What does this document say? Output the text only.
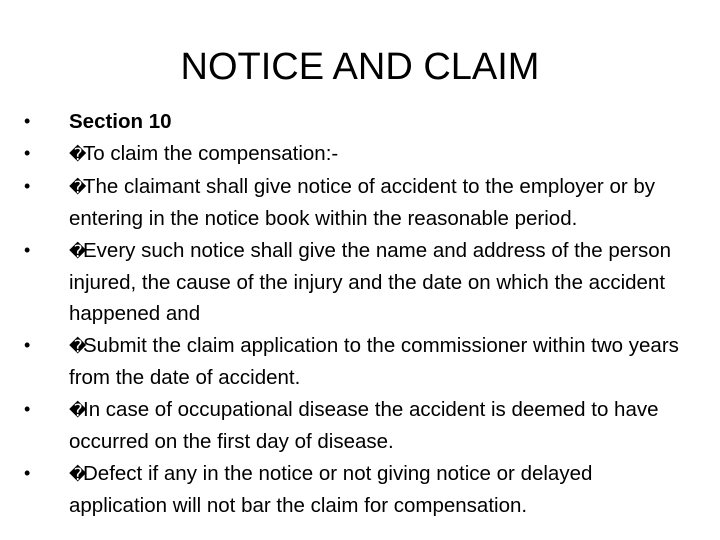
NOTICE AND CLAIM
•	Section 10
•	�To claim the compensation:-
•	�The claimant shall give notice of accident to the employer or by entering in the notice book within the reasonable period.
•	�Every such notice shall give the name and address of the person injured, the cause of the injury and the date on which the accident happened and
•	�Submit the claim application to the commissioner within two years from the date of accident.
•	�In case of occupational disease the accident is deemed to have occurred on the first day of disease.
•	�Defect if any in the notice or not giving notice or delayed application will not bar the claim for compensation.
